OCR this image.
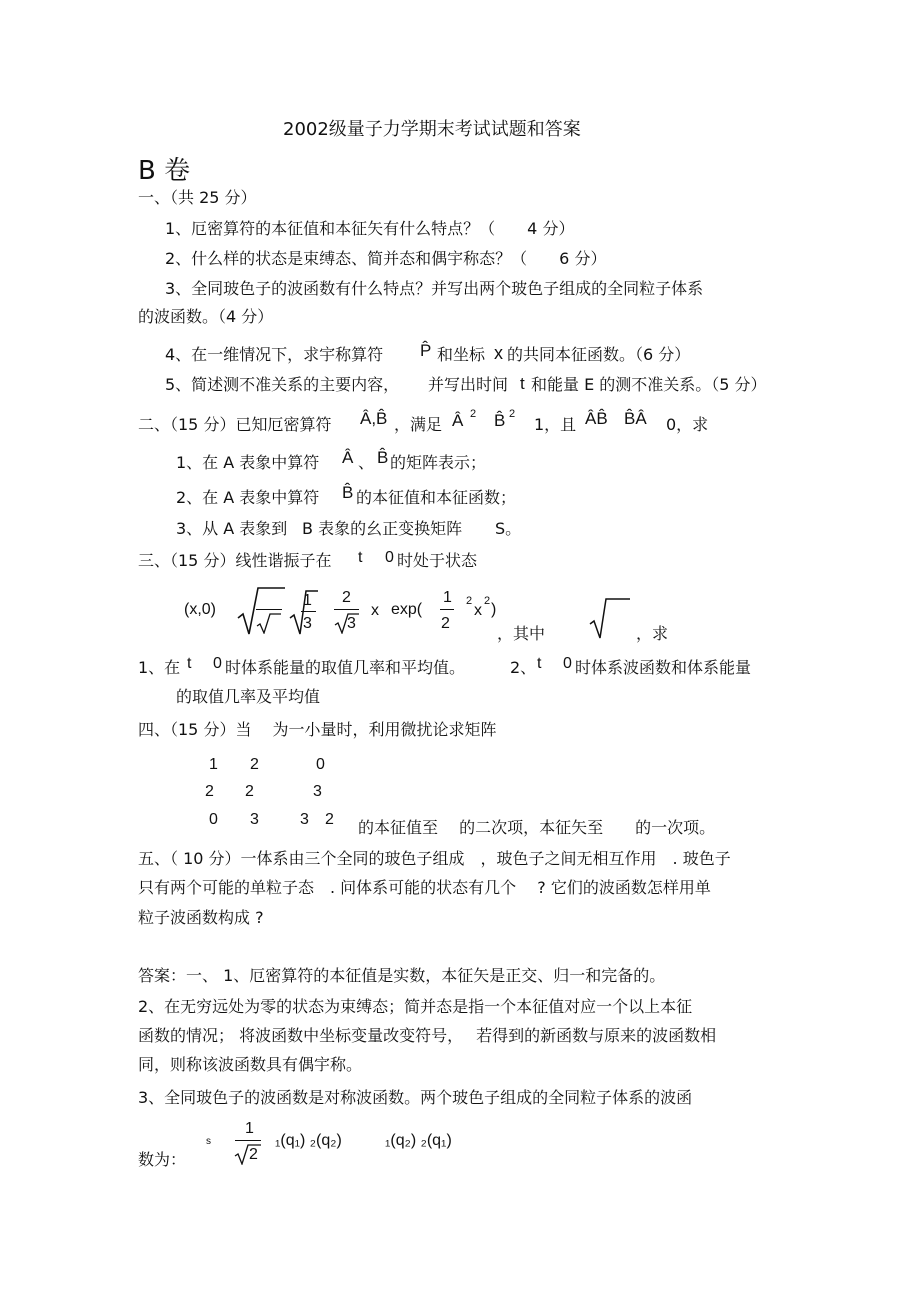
2002级量子力学期末考试试题和答案
B 卷
一、（共 25 分）
1、厄密算符的本征值和本征矢有什么特点？（　　4 分）
2、什么样的状态是束缚态、简并态和偶宇称态？（　　6 分）
3、全同玻色子的波函数有什么特点？并写出两个玻色子组成的全同粒子体系
的波函数。（4 分）
4、在一维情况下，求宇称算符 P̂ 和坐标 x 的共同本征函数。（6 分）
5、简述测不准关系的主要内容， 并写出时间 t 和能量 E 的测不准关系。（5 分）
二、（15 分）已知厄密算符 Â,B̂ ，满足 Â 2 B̂ 2
1，且 ÂB̂ B̂Â 0，求
1、在 A 表象中算符 Â 、 B̂ 的矩阵表示；
2、在 A 表象中算符 B̂ 的本征值和本征函数；
3、从 A 表象到 B 表象的幺正变换矩阵 S。
三、（15 分）线性谐振子在 t 0 时处于状态
(x,0)
1
3
2
3
x exp(
1
2
2
x
2 )
，其中	，求
1、在 t 0 时体系能量的取值几率和平均值。	2、 t 0 时体系波函数和体系能量
的取值几率及平均值
四、（15 分）当　 为一小量时，利用微扰论求矩阵
1 2	0
2 2	3
0 3	3 2 的本征值至　 的二次项，本征矢至　　的一次项。
五、（ 10 分）一体系由三个全同的玻色子组成　，玻色子之间无相互作用　. 玻色子
只有两个可能的单粒子态　. 问体系可能的状态有几个　 ? 它们的波函数怎样用单
粒子波函数构成 ?
答案：一、 1、厄密算符的本征值是实数，本征矢是正交、归一和完备的。
2、在无穷远处为零的状态为束缚态；简并态是指一个本征值对应一个以上本征
函数的情况； 将波函数中坐标变量改变符号，　 若得到的新函数与原来的波函数相
同，则称该波函数具有偶宇称。
3、全同玻色子的波函数是对称波函数。两个玻色子组成的全同粒子体系的波函
s
1
2
₁(q₁) ₂(q₂)	₁(q₂) ₂(q₁)
数为：
